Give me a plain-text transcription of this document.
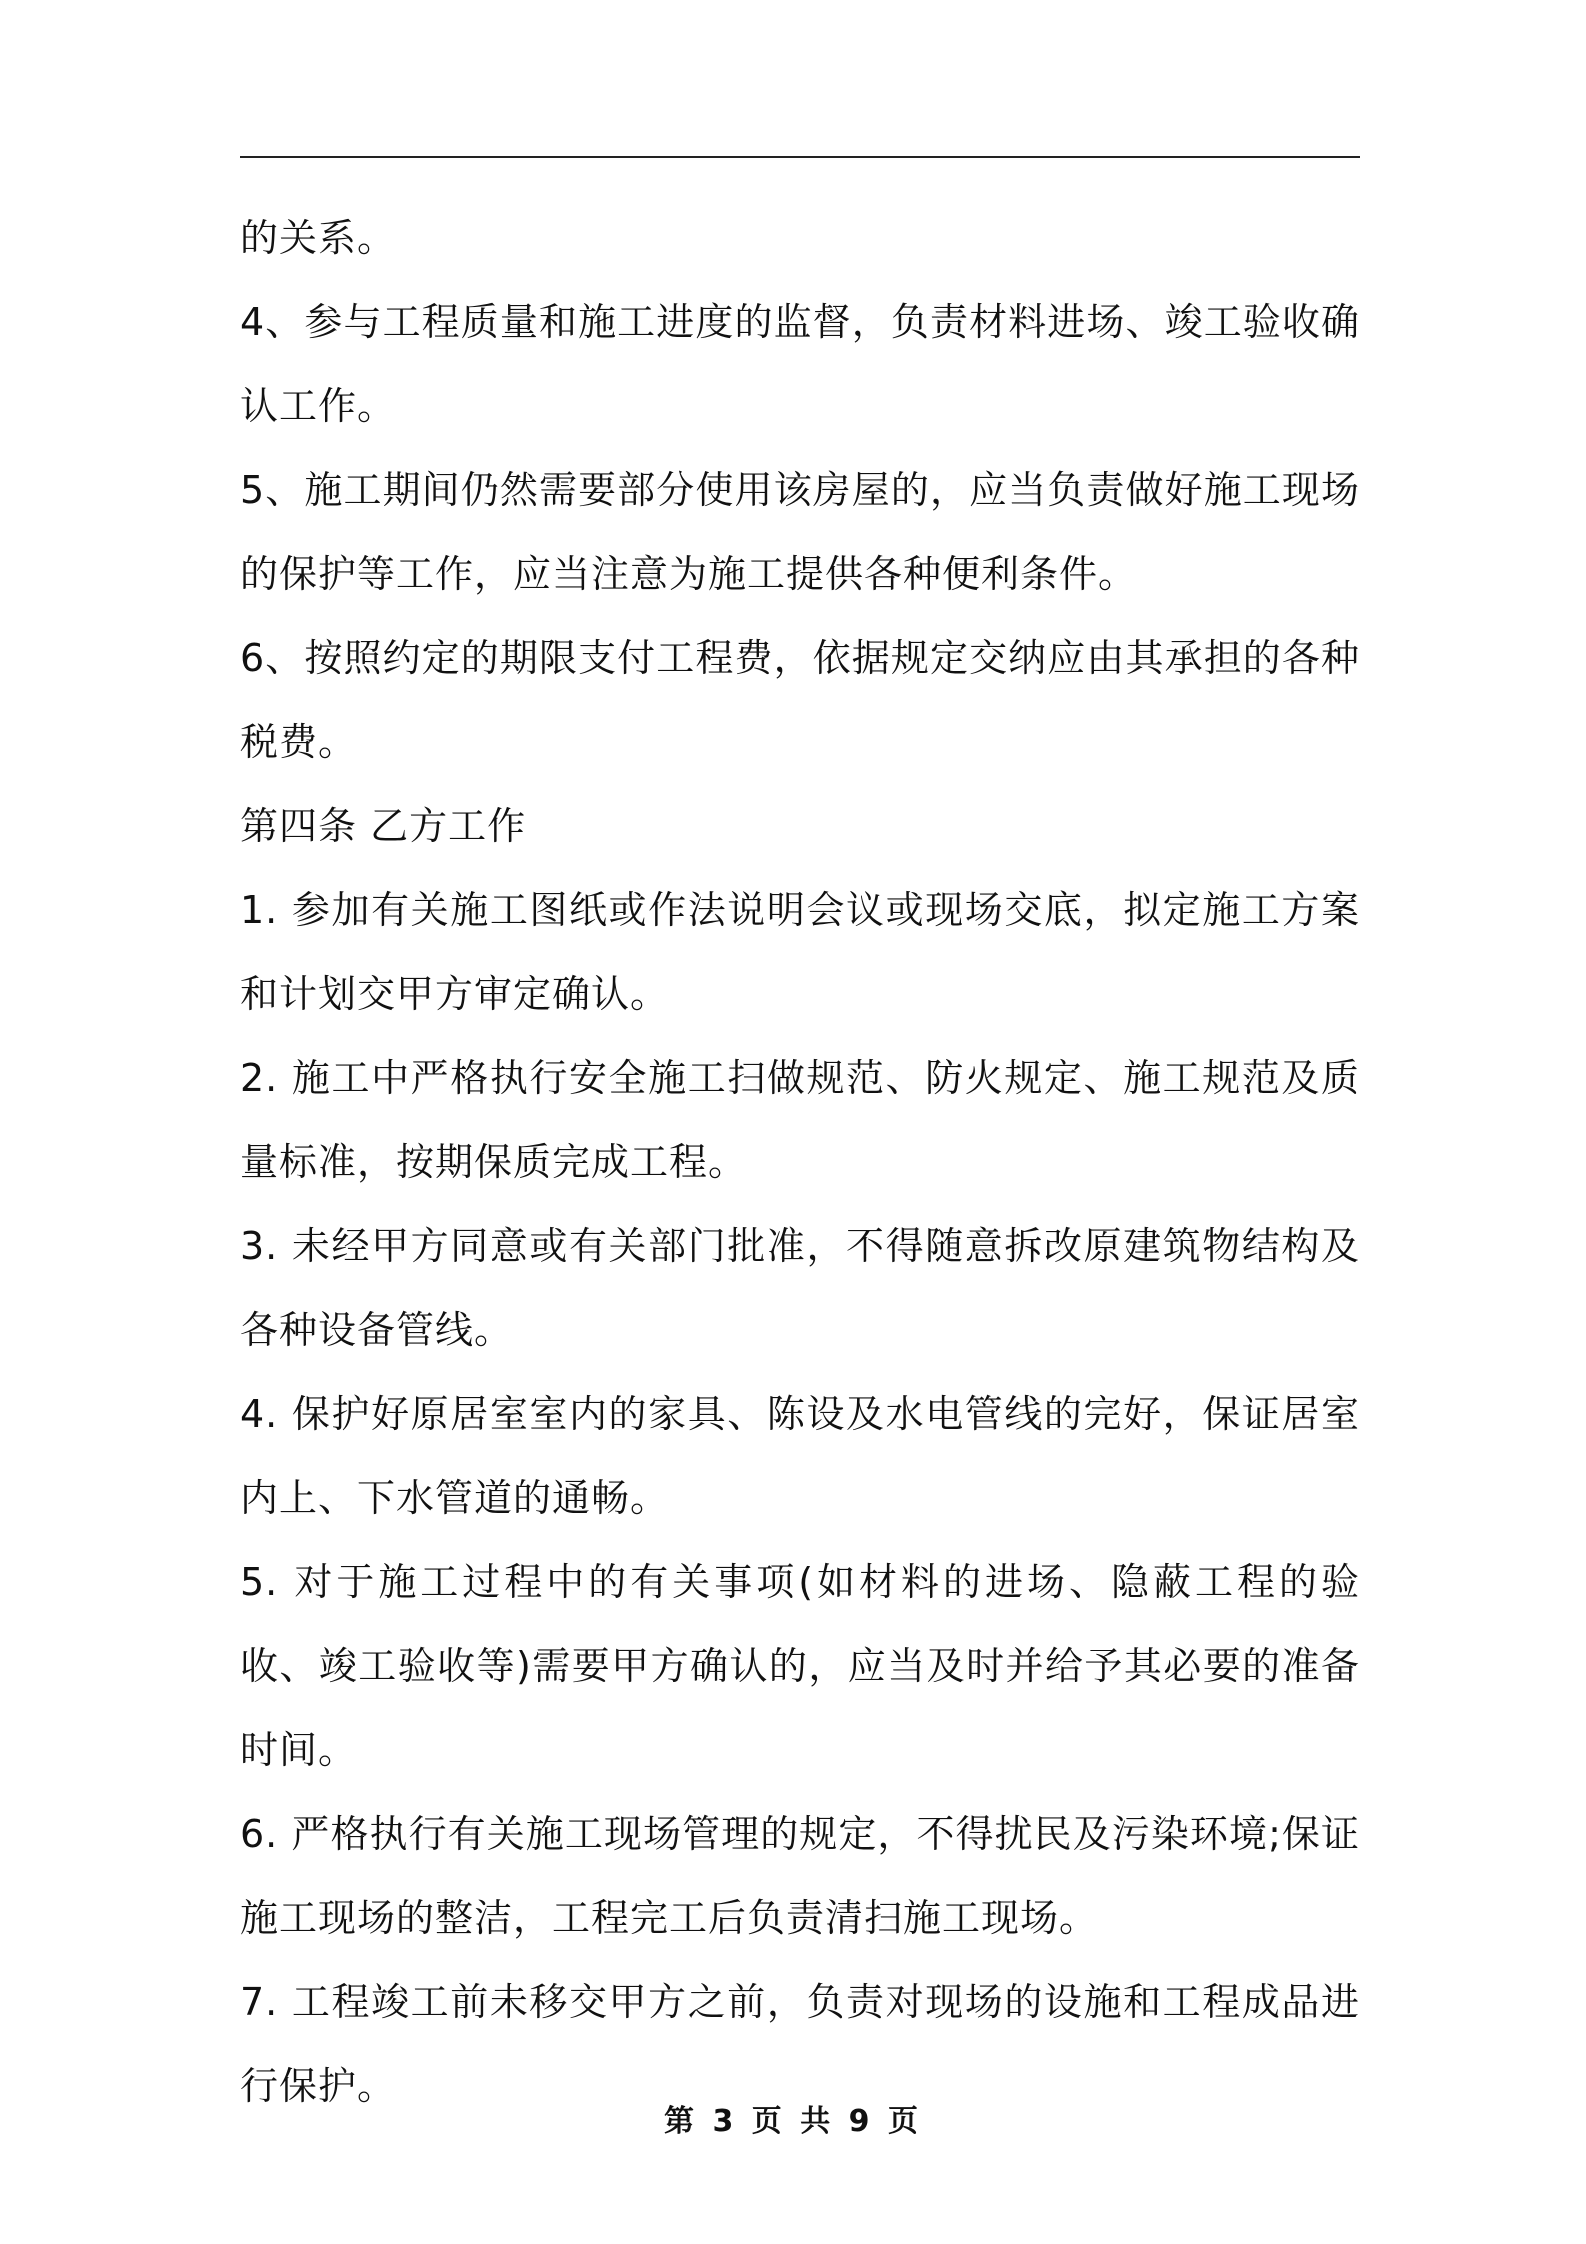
的关系。

4、参与工程质量和施工进度的监督，负责材料进场、竣工验收确认工作。

5、施工期间仍然需要部分使用该房屋的，应当负责做好施工现场的保护等工作，应当注意为施工提供各种便利条件。

6、按照约定的期限支付工程费，依据规定交纳应由其承担的各种税费。

第四条 乙方工作

1. 参加有关施工图纸或作法说明会议或现场交底，拟定施工方案和计划交甲方审定确认。

2. 施工中严格执行安全施工扫做规范、防火规定、施工规范及质量标准，按期保质完成工程。

3. 未经甲方同意或有关部门批准，不得随意拆改原建筑物结构及各种设备管线。

4. 保护好原居室室内的家具、陈设及水电管线的完好，保证居室内上、下水管道的通畅。

5. 对于施工过程中的有关事项(如材料的进场、隐蔽工程的验收、竣工验收等)需要甲方确认的，应当及时并给予其必要的准备时间。

6. 严格执行有关施工现场管理的规定，不得扰民及污染环境;保证施工现场的整洁，工程完工后负责清扫施工现场。

7. 工程竣工前未移交甲方之前，负责对现场的设施和工程成品进行保护。

第 3 页 共 9 页
